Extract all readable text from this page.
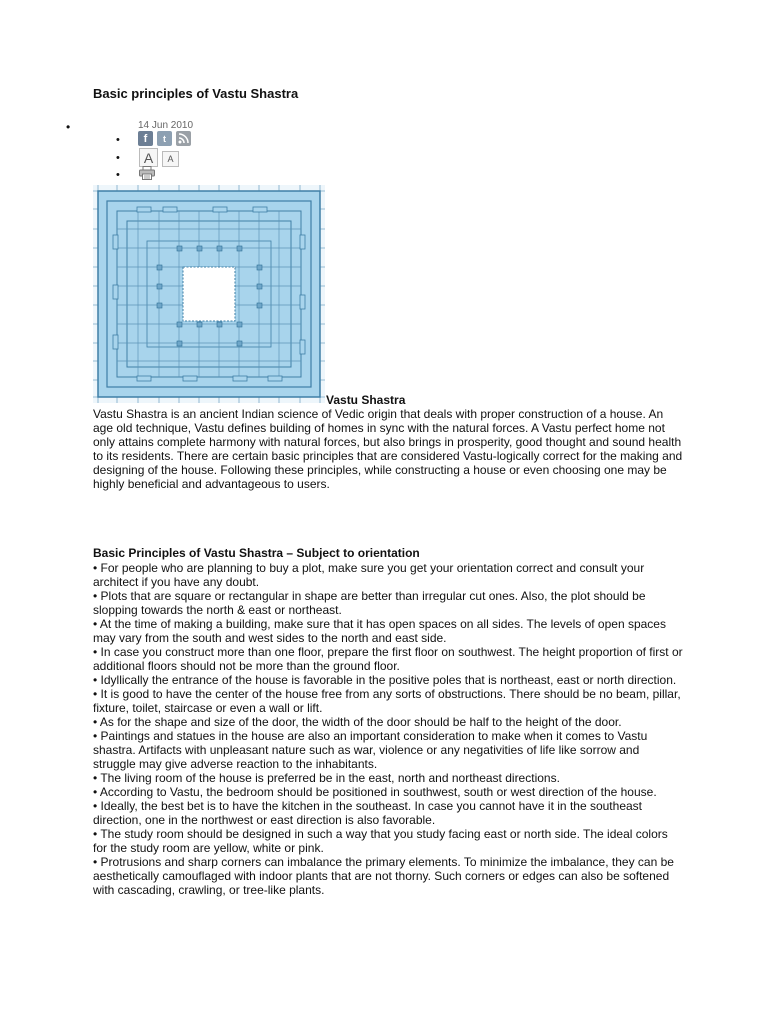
Basic principles of Vastu Shastra
•	14 Jun 2010
•	f	t
•	A	A
•
Vastu Shastra

Vastu Shastra is an ancient Indian science of Vedic origin that deals with proper construction of a house. An age old technique, Vastu defines building of homes in sync with the natural forces. A Vastu perfect home not only attains complete harmony with natural forces, but also brings in prosperity, good thought and sound health to its residents. There are certain basic principles that are considered Vastu-logically correct for the making and designing of the house. Following these principles, while constructing a house or even choosing one may be highly beneficial and advantageous to users.

Basic Principles of Vastu Shastra – Subject to orientation
• For people who are planning to buy a plot, make sure you get your orientation correct and consult your architect if you have any doubt.
• Plots that are square or rectangular in shape are better than irregular cut ones. Also, the plot should be slopping towards the north & east or northeast.
• At the time of making a building, make sure that it has open spaces on all sides. The levels of open spaces may vary from the south and west sides to the north and east side.
• In case you construct more than one floor, prepare the first floor on southwest. The height proportion of first or additional floors should not be more than the ground floor.
• Idyllically the entrance of the house is favorable in the positive poles that is northeast, east or north direction.
• It is good to have the center of the house free from any sorts of obstructions. There should be no beam, pillar, fixture, toilet, staircase or even a wall or lift.
• As for the shape and size of the door, the width of the door should be half to the height of the door.
• Paintings and statues in the house are also an important consideration to make when it comes to Vastu shastra. Artifacts with unpleasant nature such as war, violence or any negativities of life like sorrow and struggle may give adverse reaction to the inhabitants.
• The living room of the house is preferred be in the east, north and northeast directions.
• According to Vastu, the bedroom should be positioned in southwest, south or west direction of the house.
• Ideally, the best bet is to have the kitchen in the southeast. In case you cannot have it in the southeast direction, one in the northwest or east direction is also favorable.
• The study room should be designed in such a way that you study facing east or north side. The ideal colors for the study room are yellow, white or pink.
• Protrusions and sharp corners can imbalance the primary elements. To minimize the imbalance, they can be aesthetically camouflaged with indoor plants that are not thorny. Such corners or edges can also be softened with cascading, crawling, or tree-like plants.
